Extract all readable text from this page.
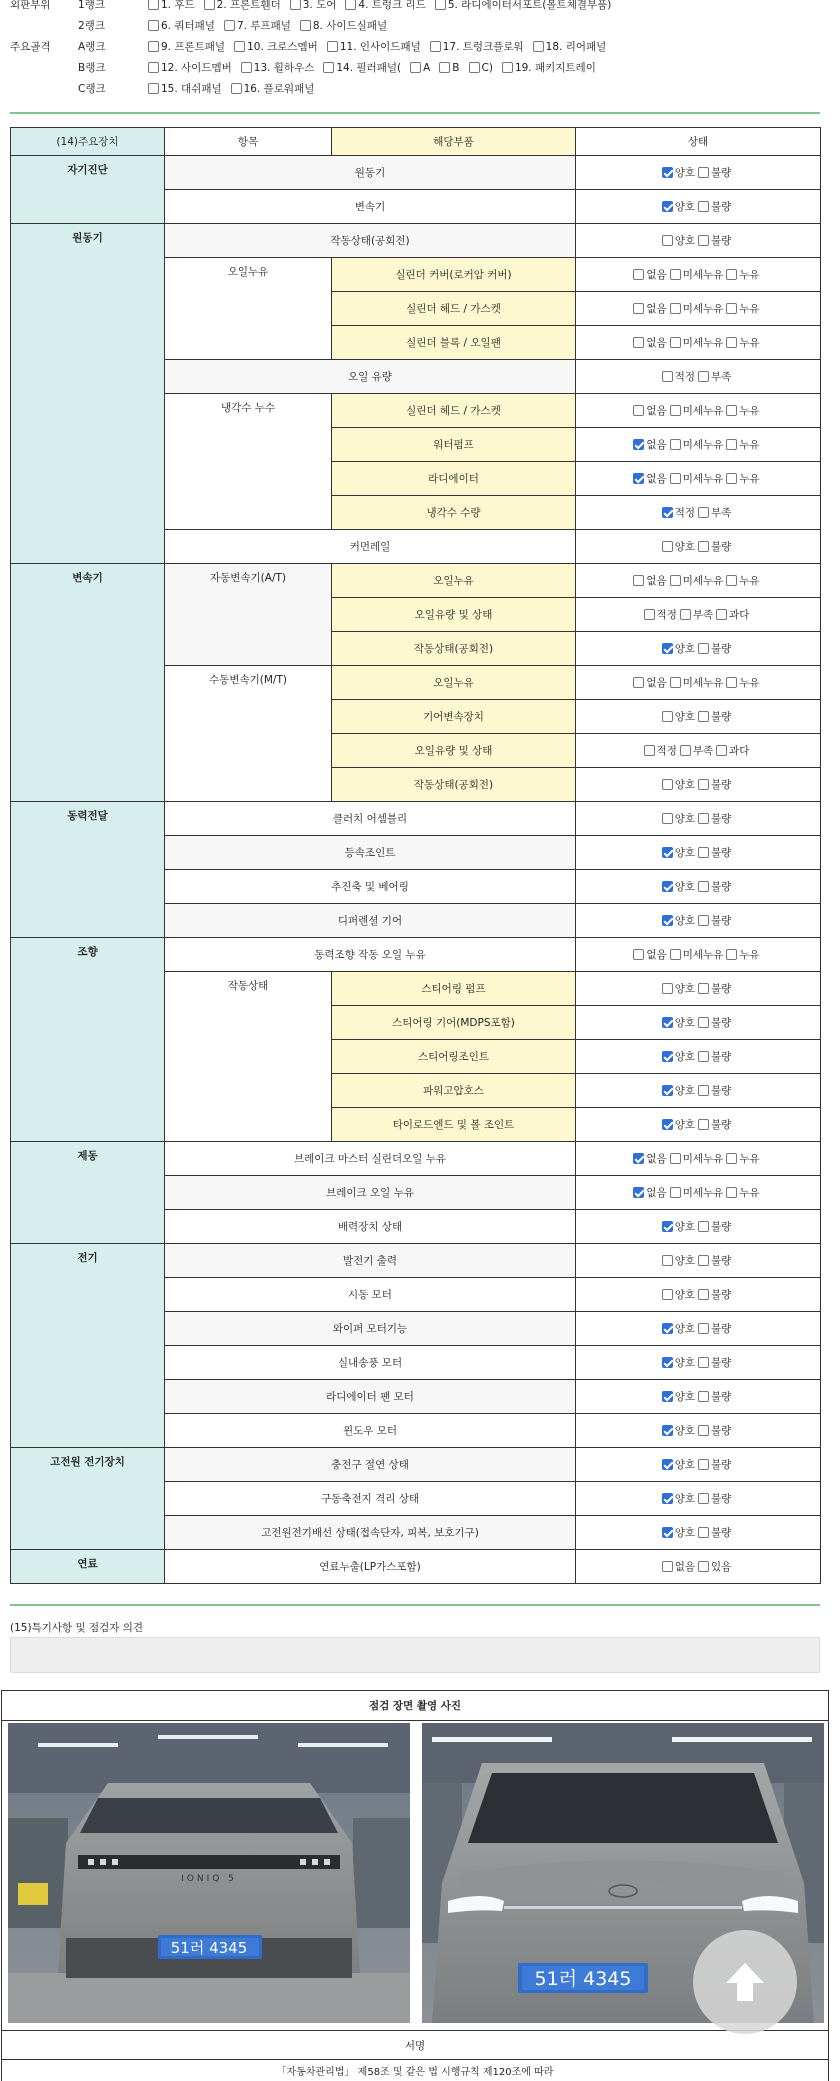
외판부위	1랭크	1. 후드 2. 프론트휀더 3. 도어 4. 트렁크 리드 5. 라디에이터서포트(볼트체결부품)
2랭크	6. 쿼터패널 7. 루프패널 8. 사이드실패널
주요골격	A랭크	9. 프론트패널 10. 크로스멤버 11. 인사이드패널 17. 트렁크플로워 18. 리어패널
B랭크	12. 사이드멤버 13. 휠하우스 14. 필러패널( A B C) 19. 패키지트레이
C랭크	15. 대쉬패널 16. 플로워패널
(14)주요장치	항목	해당부품	상태
자기진단	원동기		양호 불량

	변속기		양호 불량

원동기	작동상태(공회전)		양호 불량

	오일누유	실린더 커버(로커암 커버)	없음 미세누유 누유

		실린더 헤드 / 가스켓	없음 미세누유 누유

		실린더 블록 / 오일팬	없음 미세누유 누유

	오일 유량		적정 부족

	냉각수 누수	실린더 헤드 / 가스켓	없음 미세누유 누유

		워터펌프	없음 미세누유 누유

		라디에이터	없음 미세누유 누유

		냉각수 수량	적정 부족

	커먼레일		양호 불량

변속기	자동변속기(A/T)	오일누유	없음 미세누유 누유

		오일유량 및 상태	적정 부족 과다

		작동상태(공회전)	양호 불량

	수동변속기(M/T)	오일누유	없음 미세누유 누유

		기어변속장치	양호 불량

		오일유량 및 상태	적정 부족 과다

		작동상태(공회전)	양호 불량

동력전달	클러치 어셈블리		양호 불량

	등속조인트		양호 불량

	추진축 및 베어링		양호 불량

	디퍼렌셜 기어		양호 불량

조향	동력조향 작동 오일 누유		없음 미세누유 누유

	작동상태	스티어링 펌프	양호 불량

		스티어링 기어(MDPS포함)	양호 불량

		스티어링조인트	양호 불량

		파워고압호스	양호 불량

		타이로드엔드 및 볼 조인트	양호 불량

제동	브레이크 마스터 실린더오일 누유		없음 미세누유 누유

	브레이크 오일 누유		없음 미세누유 누유

	배력장치 상태		양호 불량

전기	발전기 출력		양호 불량

	시동 모터		양호 불량

	와이퍼 모터기능		양호 불량

	실내송풍 모터		양호 불량

	라디에이터 팬 모터		양호 불량

	윈도우 모터		양호 불량

고전원 전기장치	충전구 절연 상태		양호 불량

	구동축전지 격리 상태		양호 불량

	고전원전기배선 상태(접속단자, 피복, 보호기구)		양호 불량

연료	연료누출(LP가스포함)		없음 있음
(15)특기사항 및 점검자 의견
점검 장면 촬영 사진
IONIQ 5
51러 4345
51러 4345
서명
「자동차관리법」 제58조 및 같은 법 시행규칙 제120조에 따라
